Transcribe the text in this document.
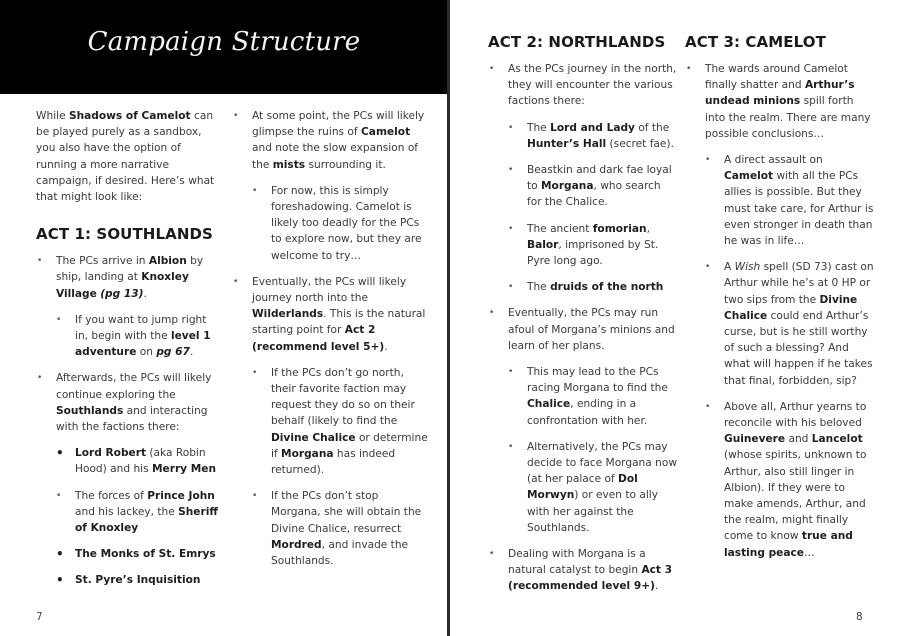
Campaign Structure

While Shadows of Camelot can be played purely as a sandbox, you also have the option of running a more narrative campaign, if desired. Here’s what that might look like:

ACT 1: SOUTHLANDS
• The PCs arrive in Albion by ship, landing at Knoxley Village (pg 13).
• If you want to jump right in, begin with the level 1 adventure on pg 67.
• Afterwards, the PCs will likely continue exploring the Southlands and interacting with the factions there:
• Lord Robert (aka Robin Hood) and his Merry Men
• The forces of Prince John and his lackey, the Sheriff of Knoxley
• The Monks of St. Emrys
• St. Pyre’s Inquisition
• At some point, the PCs will likely glimpse the ruins of Camelot and note the slow expansion of the mists surrounding it.
• For now, this is simply foreshadowing. Camelot is likely too deadly for the PCs to explore now, but they are welcome to try…
• Eventually, the PCs will likely journey north into the Wilderlands. This is the natural starting point for Act 2 (recommend level 5+).
• If the PCs don’t go north, their favorite faction may request they do so on their behalf (likely to find the Divine Chalice or determine if Morgana has indeed returned).
• If the PCs don’t stop Morgana, she will obtain the Divine Chalice, resurrect Mordred, and invade the Southlands.
7
ACT 2: NORTHLANDS
• As the PCs journey in the north, they will encounter the various factions there:
• The Lord and Lady of the Hunter’s Hall (secret fae).
• Beastkin and dark fae loyal to Morgana, who search for the Chalice.
• The ancient fomorian, Balor, imprisoned by St. Pyre long ago.
• The druids of the north
• Eventually, the PCs may run afoul of Morgana’s minions and learn of her plans.
• This may lead to the PCs racing Morgana to find the Chalice, ending in a confrontation with her.
• Alternatively, the PCs may decide to face Morgana now (at her palace of Dol Morwyn) or even to ally with her against the Southlands.
• Dealing with Morgana is a natural catalyst to begin Act 3 (recommended level 9+).
ACT 3: CAMELOT
• The wards around Camelot finally shatter and Arthur’s undead minions spill forth into the realm. There are many possible conclusions…
• A direct assault on Camelot with all the PCs allies is possible. But they must take care, for Arthur is even stronger in death than he was in life…
• A Wish spell (SD 73) cast on Arthur while he’s at 0 HP or two sips from the Divine Chalice could end Arthur’s curse, but is he still worthy of such a blessing? And what will happen if he takes that final, forbidden, sip?
• Above all, Arthur yearns to reconcile with his beloved Guinevere and Lancelot (whose spirits, unknown to Arthur, also still linger in Albion). If they were to make amends, Arthur, and the realm, might finally come to know true and lasting peace…
8
